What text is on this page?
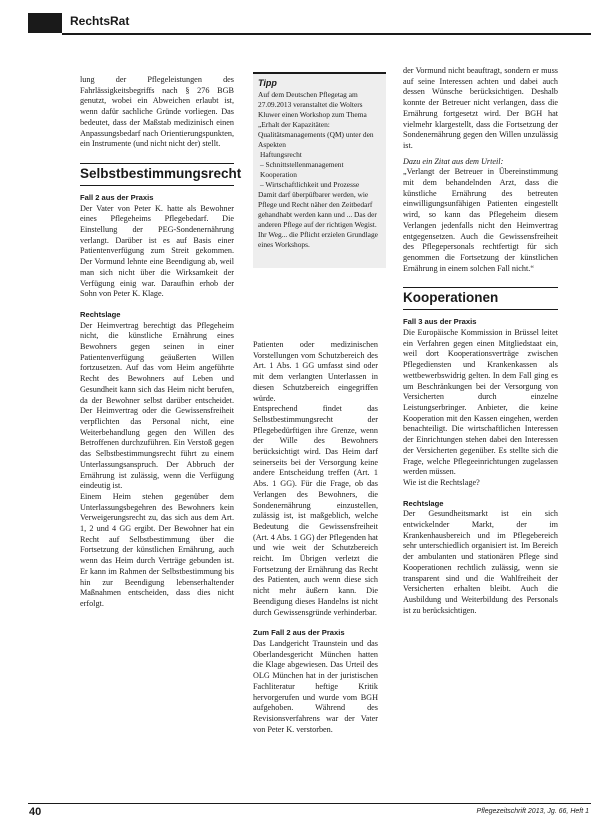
RechtsRat

lung der Pflegeleistungen des Fahrlässigkeitsbegriffs nach § 276 BGB genutzt, wobei ein Abweichen erlaubt ist, wenn dafür sachliche Gründe vorliegen. Das bedeutet, dass der Maßstab medizinisch einen Anpassungsbedarf nach Orientierungspunkten, ein Instrumente (und nicht nicht der) stellt.

Selbstbestimmungsrecht

Fall 2 aus der Praxis

Der Vater von Peter K. hatte als Bewohner eines Pflegeheims Pflegebedarf. Die Einstellung der PEG-Sondenernährung verlangt. Darüber ist es auf Basis einer Patientenverfügung zum Streit gekommen. Der Vormund lehnte eine Beendigung ab, weil man sich nicht über die Wirksamkeit der Verfügung einig war. Daraufhin erhob der Sohn von Peter K. Klage.

Rechtslage

Der Heimvertrag berechtigt das Pflegeheim nicht, die künstliche Ernährung eines Bewohners gegen seinen in einer Patientenverfügung geäußerten Willen fortzusetzen. Auf das vom Heim angeführte Recht des Bewohners auf Leben und Gesundheit kann sich das Heim nicht berufen, da der Bewohner selbst darüber entscheidet. Der Heimvertrag oder die Gewissensfreiheit verpflichten das Personal nicht, eine Weiterbehandlung gegen den Willen des Betroffenen durchzuführen. Ein Verstoß gegen das Selbstbestimmungsrecht führt zu einem Unterlassungsanspruch. Der Abbruch der Ernährung ist zulässig, wenn die Verfügung eindeutig ist.

Einem Heim stehen gegenüber dem Unterlassungsbegehren des Bewohners kein Verweigerungsrecht zu, das sich aus dem Art. 1, 2 und 4 GG ergibt. Der Bewohner hat ein Recht auf Selbstbestimmung über die Fortsetzung der künstlichen Ernährung, auch wenn das Heim durch Verträge gebunden ist. Er kann im Rahmen der Selbstbestimmung bis hin zur Beendigung lebenserhaltender Maßnahmen entscheiden, dass dies nicht erfolgt.

Tipp

Auf dem Deutschen Pflegetag am 27.09.2013 veranstaltet die Wolters Kluwer einen Workshop zum Thema „Erhalt der Kapazitäten: Qualitätsmanagements (QM) unter den Aspekten

Haftungsrecht

– Schnittstellenmanagement

Kooperation

– Wirtschaftlichkeit und Prozesse

Damit darf überpüfbarer werden, wie Pflege und Recht näher den Zeitbedarf gehandhabt werden kann und ... Das der anderen Pflege auf der richtigen Wegist. Ihr Weg... die Pflicht erzielen Grundlage eines Workshops.

Patienten oder medizinischen Vorstellungen vom Schutzbereich des Art. 1 Abs. 1 GG umfasst sind oder mit dem verlangten Unterlassen in diesen Schutzbereich eingegriffen würde.

Entsprechend findet das Selbstbestimmungsrecht der Pflegebedürftigen ihre Grenze, wenn der Wille des Bewohners berücksichtigt wird. Das Heim darf seinerseits bei der Versorgung keine andere Entscheidung treffen (Art. 1 Abs. 1 GG). Für die Frage, ob das Verlangen des Bewohners, die Sondenernährung einzustellen, zulässig ist, ist maßgeblich, welche Bedeutung die Gewissensfreiheit (Art. 4 Abs. 1 GG) der Pflegenden hat und wie weit der Schutzbereich reicht. Im Übrigen verletzt die Fortsetzung der Ernährung das Recht des Patienten, auch wenn diese sich nicht mehr äußern kann. Die Beendigung dieses Handelns ist nicht durch Gewissensgründe verhinderbar.

Zum Fall 2 aus der Praxis

Das Landgericht Traunstein und das Oberlandesgericht München hatten die Klage abgewiesen. Das Urteil des OLG München hat in der juristischen Fachliteratur heftige Kritik hervorgerufen und wurde vom BGH aufgehoben. Während des Revisionsverfahrens war der Vater von Peter K. verstorben.

der Vormund nicht beauftragt, sondern er muss auf seine Interessen achten und dabei auch dessen Wünsche berücksichtigen. Deshalb konnte der Betreuer nicht verlangen, dass die Ernährung fortgesetzt wird. Der BGH hat vielmehr klargestellt, dass die Fortsetzung der Sondenernährung gegen den Willen unzulässig ist.

Dazu ein Zitat aus dem Urteil:

„Verlangt der Betreuer in Übereinstimmung mit dem behandelnden Arzt, dass die künstliche Ernährung des betreuten einwilligungsunfähigen Patienten eingestellt wird, so kann das Pflegeheim diesem Verlangen jedenfalls nicht den Heimvertrag entgegensetzen. Auch die Gewissensfreiheit des Pflegepersonals rechtfertigt für sich genommen die Fortsetzung der künstlichen Ernährung in einem solchen Fall nicht.“

Kooperationen

Fall 3 aus der Praxis

Die Europäische Kommission in Brüssel leitet ein Verfahren gegen einen Mitgliedstaat ein, weil dort Kooperationsverträge zwischen Pflegediensten und Krankenkassen als wettbewerbswidrig gelten. In dem Fall ging es um Beschränkungen bei der Versorgung von Versicherten durch einzelne Leistungserbringer. Anbieter, die keine Kooperation mit den Kassen eingehen, werden benachteiligt. Die wirtschaftlichen Interessen der Einrichtungen stehen dabei den Interessen der Versicherten gegenüber. Es stellte sich die Frage, welche Pflegeeinrichtungen zugelassen werden müssen.

Wie ist die Rechtslage?

Rechtslage

Der Gesundheitsmarkt ist ein sich entwickelnder Markt, der im Krankenhausbereich und im Pflegebereich sehr unterschiedlich organisiert ist. Im Bereich der ambulanten und stationären Pflege sind Kooperationen rechtlich zulässig, wenn sie transparent sind und die Wahlfreiheit der Versicherten erhalten bleibt. Auch die Ausbildung und Weiterbildung des Personals ist zu berücksichtigen.

40	Pflegezeitschrift 2013, Jg. 66, Heft 1
